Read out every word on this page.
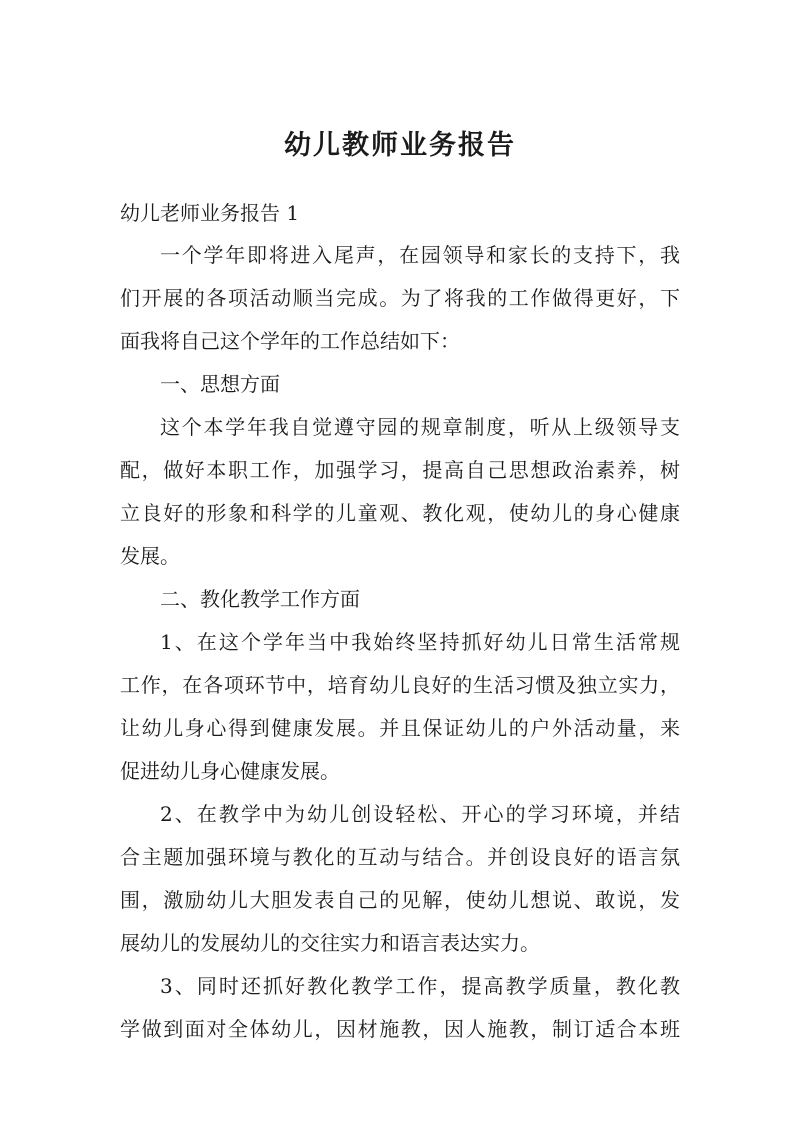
幼儿教师业务报告

幼儿老师业务报告 1

一个学年即将进入尾声，在园领导和家长的支持下，我

们开展的各项活动顺当完成。为了将我的工作做得更好，下

面我将自己这个学年的工作总结如下：

一、思想方面

这个本学年我自觉遵守园的规章制度，听从上级领导支

配，做好本职工作，加强学习，提高自己思想政治素养，树

立良好的形象和科学的儿童观、教化观，使幼儿的身心健康

发展。

二、教化教学工作方面

1、在这个学年当中我始终坚持抓好幼儿日常生活常规

工作，在各项环节中，培育幼儿良好的生活习惯及独立实力，

让幼儿身心得到健康发展。并且保证幼儿的户外活动量，来

促进幼儿身心健康发展。

2、在教学中为幼儿创设轻松、开心的学习环境，并结

合主题加强环境与教化的互动与结合。并创设良好的语言氛

围，激励幼儿大胆发表自己的见解，使幼儿想说、敢说，发

展幼儿的发展幼儿的交往实力和语言表达实力。

3、同时还抓好教化教学工作，提高教学质量，教化教

学做到面对全体幼儿，因材施教，因人施教，制订适合本班
